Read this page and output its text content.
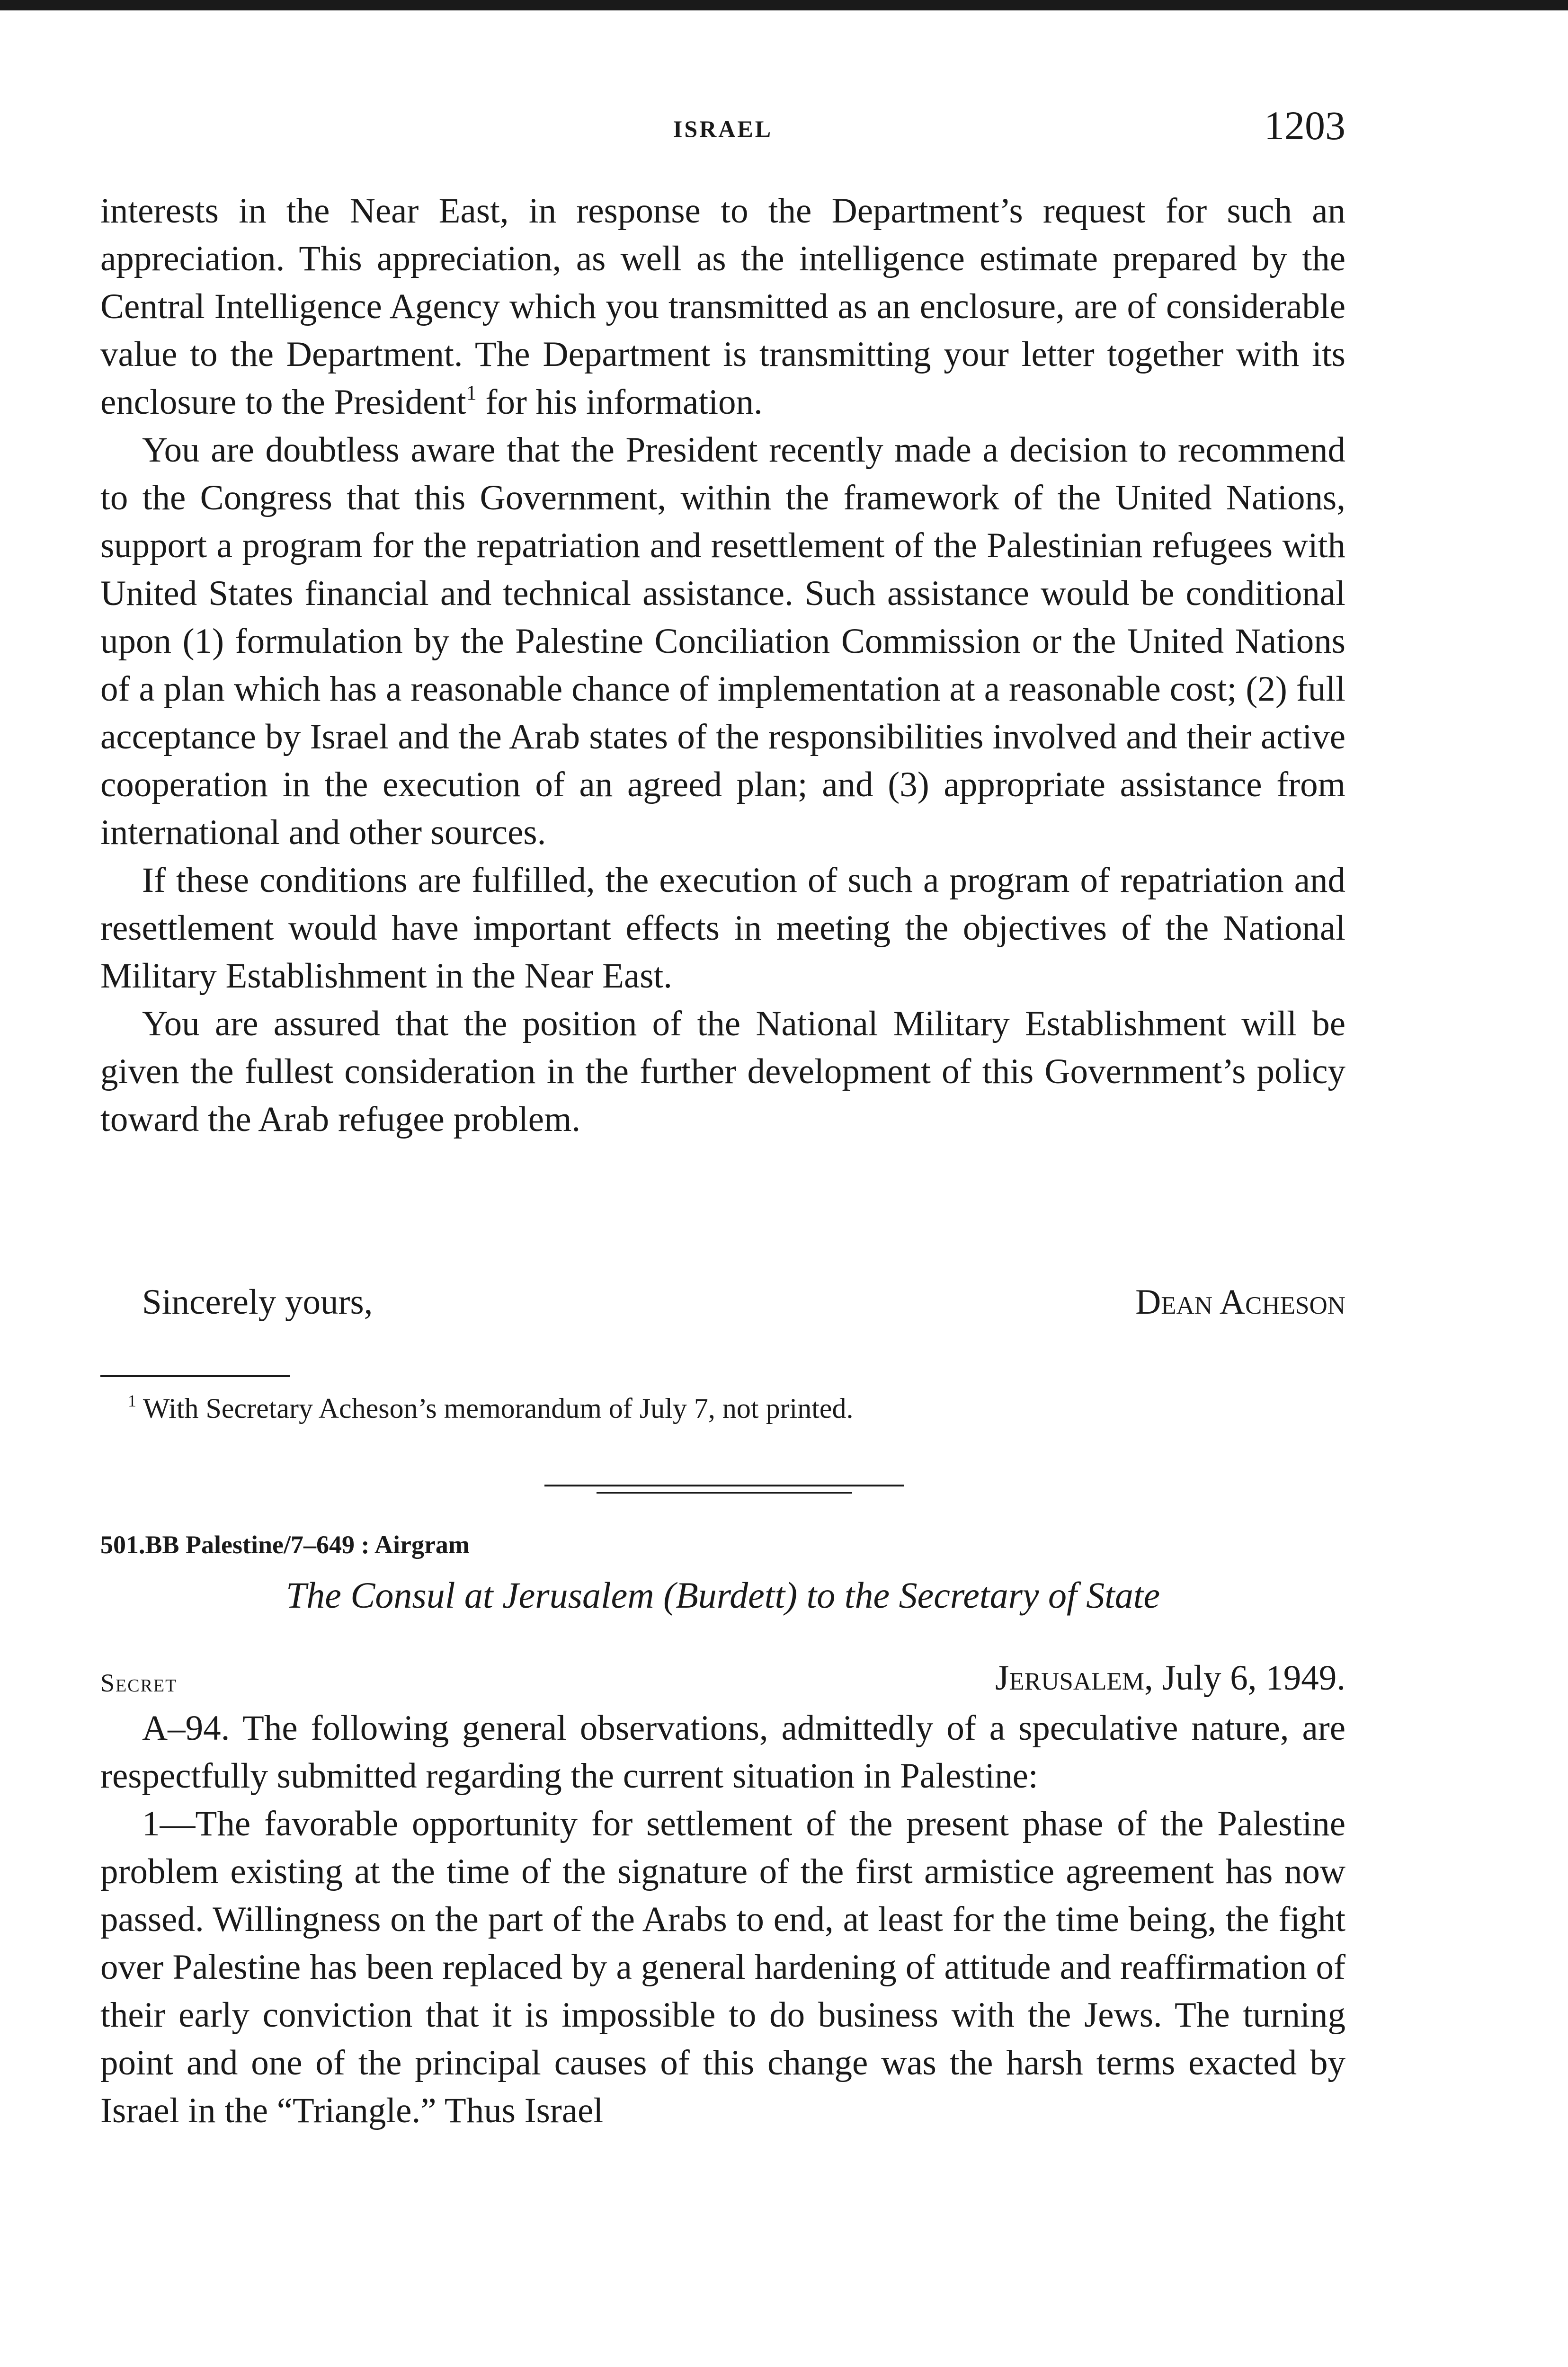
ISRAEL	1203

interests in the Near East, in response to the Department’s request for such an appreciation. This appreciation, as well as the intelligence estimate prepared by the Central Intelligence Agency which you transmitted as an enclosure, are of considerable value to the Department. The Department is transmitting your letter together with its enclosure to the President$^1$ for his information.

You are doubtless aware that the President recently made a decision to recommend to the Congress that this Government, within the framework of the United Nations, support a program for the repatriation and resettlement of the Palestinian refugees with United States financial and technical assistance. Such assistance would be conditional upon (1) formulation by the Palestine Conciliation Commission or the United Nations of a plan which has a reasonable chance of implementation at a reasonable cost; (2) full acceptance by Israel and the Arab states of the responsibilities involved and their active cooperation in the execution of an agreed plan; and (3) appropriate assistance from international and other sources.

If these conditions are fulfilled, the execution of such a program of repatriation and resettlement would have important effects in meeting the objectives of the National Military Establishment in the Near East.

You are assured that the position of the National Military Establishment will be given the fullest consideration in the further development of this Government’s policy toward the Arab refugee problem.

Sincerely yours,	Dean Acheson
$^1$ With Secretary Acheson’s memorandum of July 7, not printed.
501.BB Palestine/7–649 : Airgram
The Consul at Jerusalem (Burdett) to the Secretary of State
Secret	Jerusalem, July 6, 1949.

A–94. The following general observations, admittedly of a speculative nature, are respectfully submitted regarding the current situation in Palestine:

1—The favorable opportunity for settlement of the present phase of the Palestine problem existing at the time of the signature of the first armistice agreement has now passed. Willingness on the part of the Arabs to end, at least for the time being, the fight over Palestine has been replaced by a general hardening of attitude and reaffirmation of their early conviction that it is impossible to do business with the Jews. The turning point and one of the principal causes of this change was the harsh terms exacted by Israel in the “Triangle.” Thus Israel
